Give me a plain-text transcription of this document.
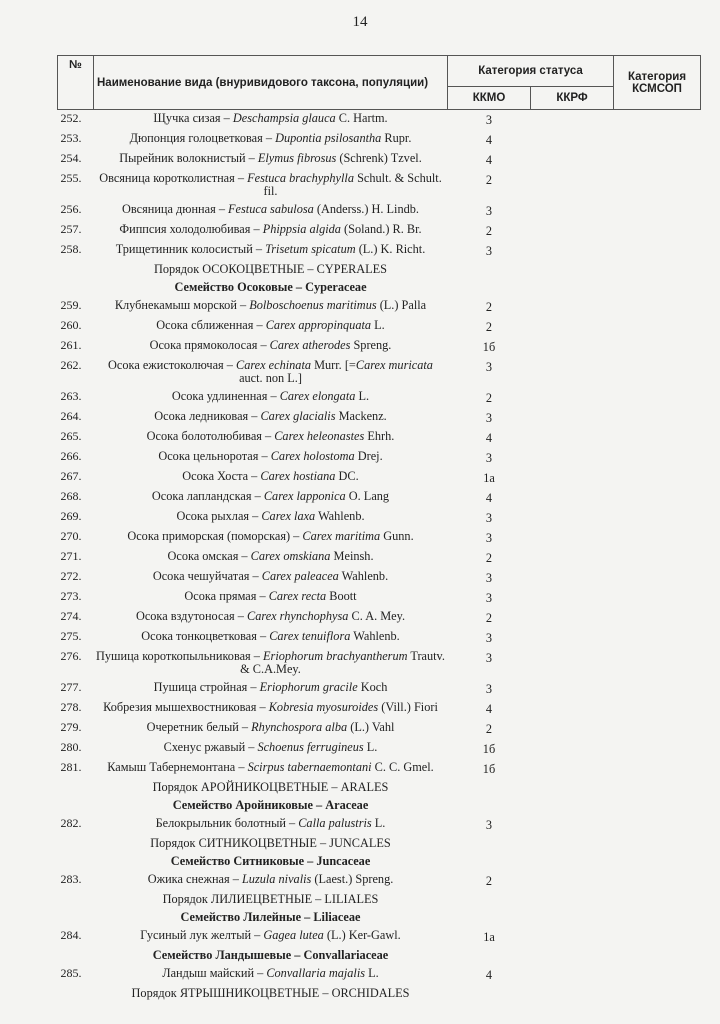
14
№	Наименование вида (внуривидового таксона, популяции)	Категория статуса		Категория КСМСОП
		ККМО	ККРФ	
252.	Щучка сизая – Deschampsia glauca C. Hartm.	3		
253.	Дюпонция голоцветковая – Dupontia psilosantha Rupr.	4		
254.	Пырейник волокнистый – Elymus fibrosus (Schrenk) Tzvel.	4		
255.	Овсяница коротколистная – Festuca brachyphylla Schult. & Schult. fil.	2		
256.	Овсяница дюнная – Festuca sabulosa (Anderss.) H. Lindb.	3		
257.	Фиппсия холодолюбивая – Phippsia algida (Soland.) R. Br.	2		
258.	Трищетинник колосистый – Trisetum spicatum (L.) K. Richt.	3		
	Порядок ОСОКОЦВЕТНЫЕ – CYPERALES			
	Семейство Осоковые – Cyperaceae			
259.	Клубнекамыш морской – Bolboschoenus maritimus (L.) Palla	2		
260.	Осока сближенная – Carex appropinquata L.	2		
261.	Осока прямоколосая – Carex atherodes Spreng.	1б		
262.	Осока ежистоколючая – Carex echinata Murr. [=Carex muricata auct. non L.]	3		
263.	Осока удлиненная – Carex elongata L.	2		
264.	Осока ледниковая – Carex glacialis Mackenz.	3		
265.	Осока болотолюбивая – Carex heleonastes Ehrh.	4		
266.	Осока цельноротая – Carex holostoma Drej.	3		
267.	Осока Хоста – Carex hostiana DC.	1а		
268.	Осока лапландская – Carex lapponica O. Lang	4		
269.	Осока рыхлая – Carex laxa Wahlenb.	3		
270.	Осока приморская (поморская) – Carex maritima Gunn.	3		
271.	Осока омская – Carex omskiana Meinsh.	2		
272.	Осока чешуйчатая – Carex paleacea Wahlenb.	3		
273.	Осока прямая – Carex recta Boott	3		
274.	Осока вздутоносая – Carex rhynchophysa C. A. Mey.	2		
275.	Осока тонкоцветковая – Carex tenuiflora Wahlenb.	3		
276.	Пушица короткопыльниковая – Eriophorum brachyantherum Trautv. & C.A.Mey.	3		
277.	Пушица стройная – Eriophorum gracile Koch	3		
278.	Кобрезия мышехвостниковая – Kobresia myosuroides (Vill.) Fiori	4		
279.	Очеретник белый – Rhynchospora alba (L.) Vahl	2		
280.	Схенус ржавый – Schoenus ferrugineus L.	1б		
281.	Камыш Табернемонтана – Scirpus tabernaemontani C. C. Gmel.	1б		
	Порядок АРОЙНИКОЦВЕТНЫЕ – ARALES			
	Семейство Аройниковые – Araceae			
282.	Белокрыльник болотный – Calla palustris L.	3		
	Порядок СИТНИКОЦВЕТНЫЕ – JUNCALES			
	Семейство Ситниковые – Juncaceae			
283.	Ожика снежная – Luzula nivalis (Laest.) Spreng.	2		
	Порядок ЛИЛИЕЦВЕТНЫЕ – LILIALES			
	Семейство Лилейные – Liliaceae			
284.	Гусиный лук желтый – Gagea lutea (L.) Ker-Gawl.	1а		
	Семейство Ландышевые – Convallariaceae			
285.	Ландыш майский – Convallaria majalis L.	4		
	Порядок ЯТРЫШНИКОЦВЕТНЫЕ – ORCHIDALES			
